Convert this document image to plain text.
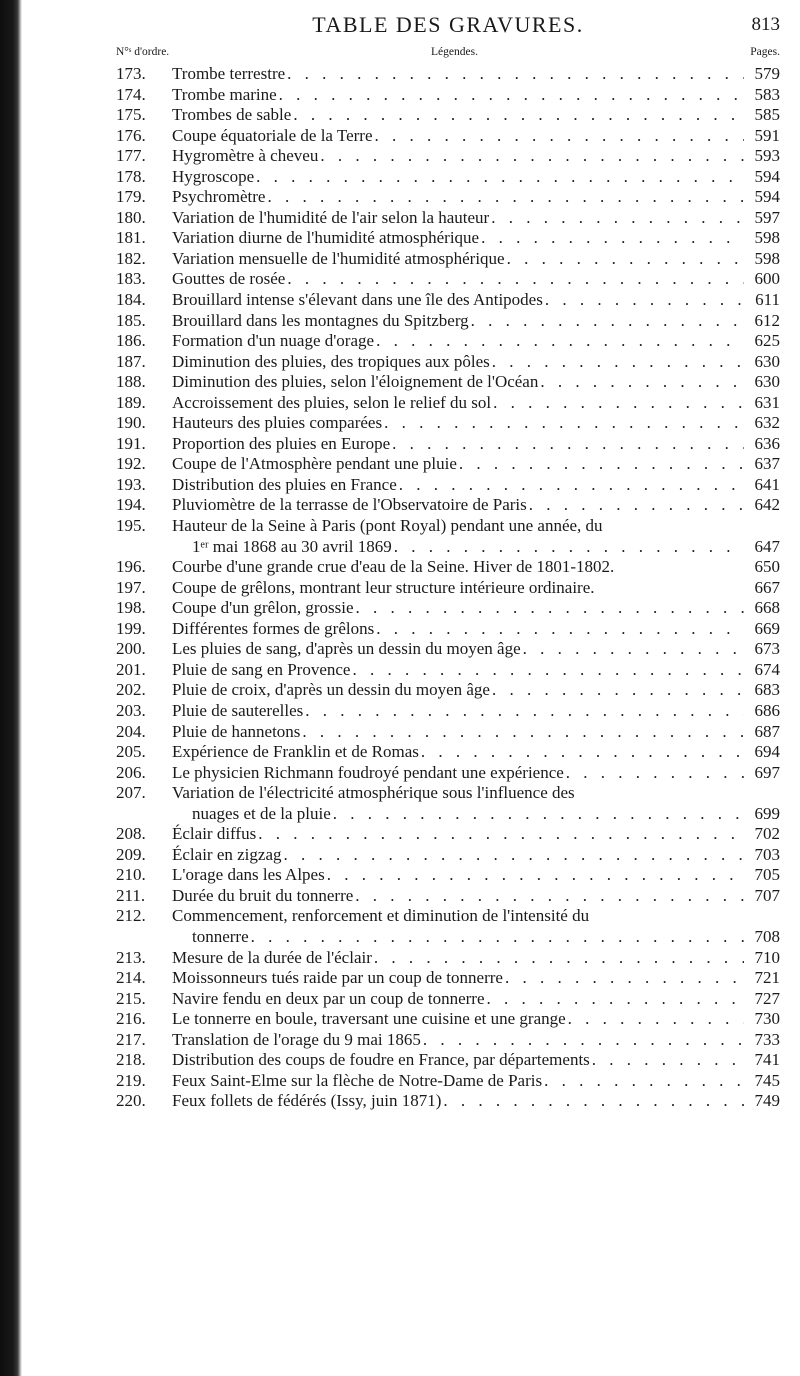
TABLE DES GRAVURES.	813
N°ˢ d'ordre.	Légendes.	Pages.
173.	Trombe terrestre . . .	579
174.	Trombe marine . . .	583
175.	Trombes de sable . . .	585
176.	Coupe équatoriale de la Terre . . .	591
177.	Hygromètre à cheveu . . .	593
178.	Hygroscope . . .	594
179.	Psychromètre . . .	594
180.	Variation de l'humidité de l'air selon la hauteur . . .	597
181.	Variation diurne de l'humidité atmosphérique . . .	598
182.	Variation mensuelle de l'humidité atmosphérique . . .	598
183.	Gouttes de rosée . . .	600
184.	Brouillard intense s'élevant dans une île des Antipodes . . .	611
185.	Brouillard dans les montagnes du Spitzberg . . .	612
186.	Formation d'un nuage d'orage . . .	625
187.	Diminution des pluies, des tropiques aux pôles . . .	630
188.	Diminution des pluies, selon l'éloignement de l'Océan . . .	630
189.	Accroissement des pluies, selon le relief du sol . . .	631
190.	Hauteurs des pluies comparées . . .	632
191.	Proportion des pluies en Europe . . .	636
192.	Coupe de l'Atmosphère pendant une pluie . . .	637
193.	Distribution des pluies en France . . .	641
194.	Pluviomètre de la terrasse de l'Observatoire de Paris . . .	642
195.	Hauteur de la Seine à Paris (pont Royal) pendant une année, du
1ᵉʳ mai 1868 au 30 avril 1869 . . .	647
196.	Courbe d'une grande crue d'eau de la Seine. Hiver de 1801-1802.	650
197.	Coupe de grêlons, montrant leur structure intérieure ordinaire.	667
198.	Coupe d'un grêlon, grossie . . .	668
199.	Différentes formes de grêlons . . .	669
200.	Les pluies de sang, d'après un dessin du moyen âge . . .	673
201.	Pluie de sang en Provence . . .	674
202.	Pluie de croix, d'après un dessin du moyen âge . . .	683
203.	Pluie de sauterelles . . .	686
204.	Pluie de hannetons . . .	687
205.	Expérience de Franklin et de Romas . . .	694
206.	Le physicien Richmann foudroyé pendant une expérience . . .	697
207.	Variation de l'électricité atmosphérique sous l'influence des
nuages et de la pluie . . .	699
208.	Éclair diffus . . .	702
209.	Éclair en zigzag . . .	703
210.	L'orage dans les Alpes . . .	705
211.	Durée du bruit du tonnerre . . .	707
212.	Commencement, renforcement et diminution de l'intensité du
tonnerre . . .	708
213.	Mesure de la durée de l'éclair . . .	710
214.	Moissonneurs tués raide par un coup de tonnerre . . .	721
215.	Navire fendu en deux par un coup de tonnerre . . .	727
216.	Le tonnerre en boule, traversant une cuisine et une grange . . .	730
217.	Translation de l'orage du 9 mai 1865 . . .	733
218.	Distribution des coups de foudre en France, par départements . . .	741
219.	Feux Saint-Elme sur la flèche de Notre-Dame de Paris . . .	745
220.	Feux follets de fédérés (Issy, juin 1871) . . .	749
